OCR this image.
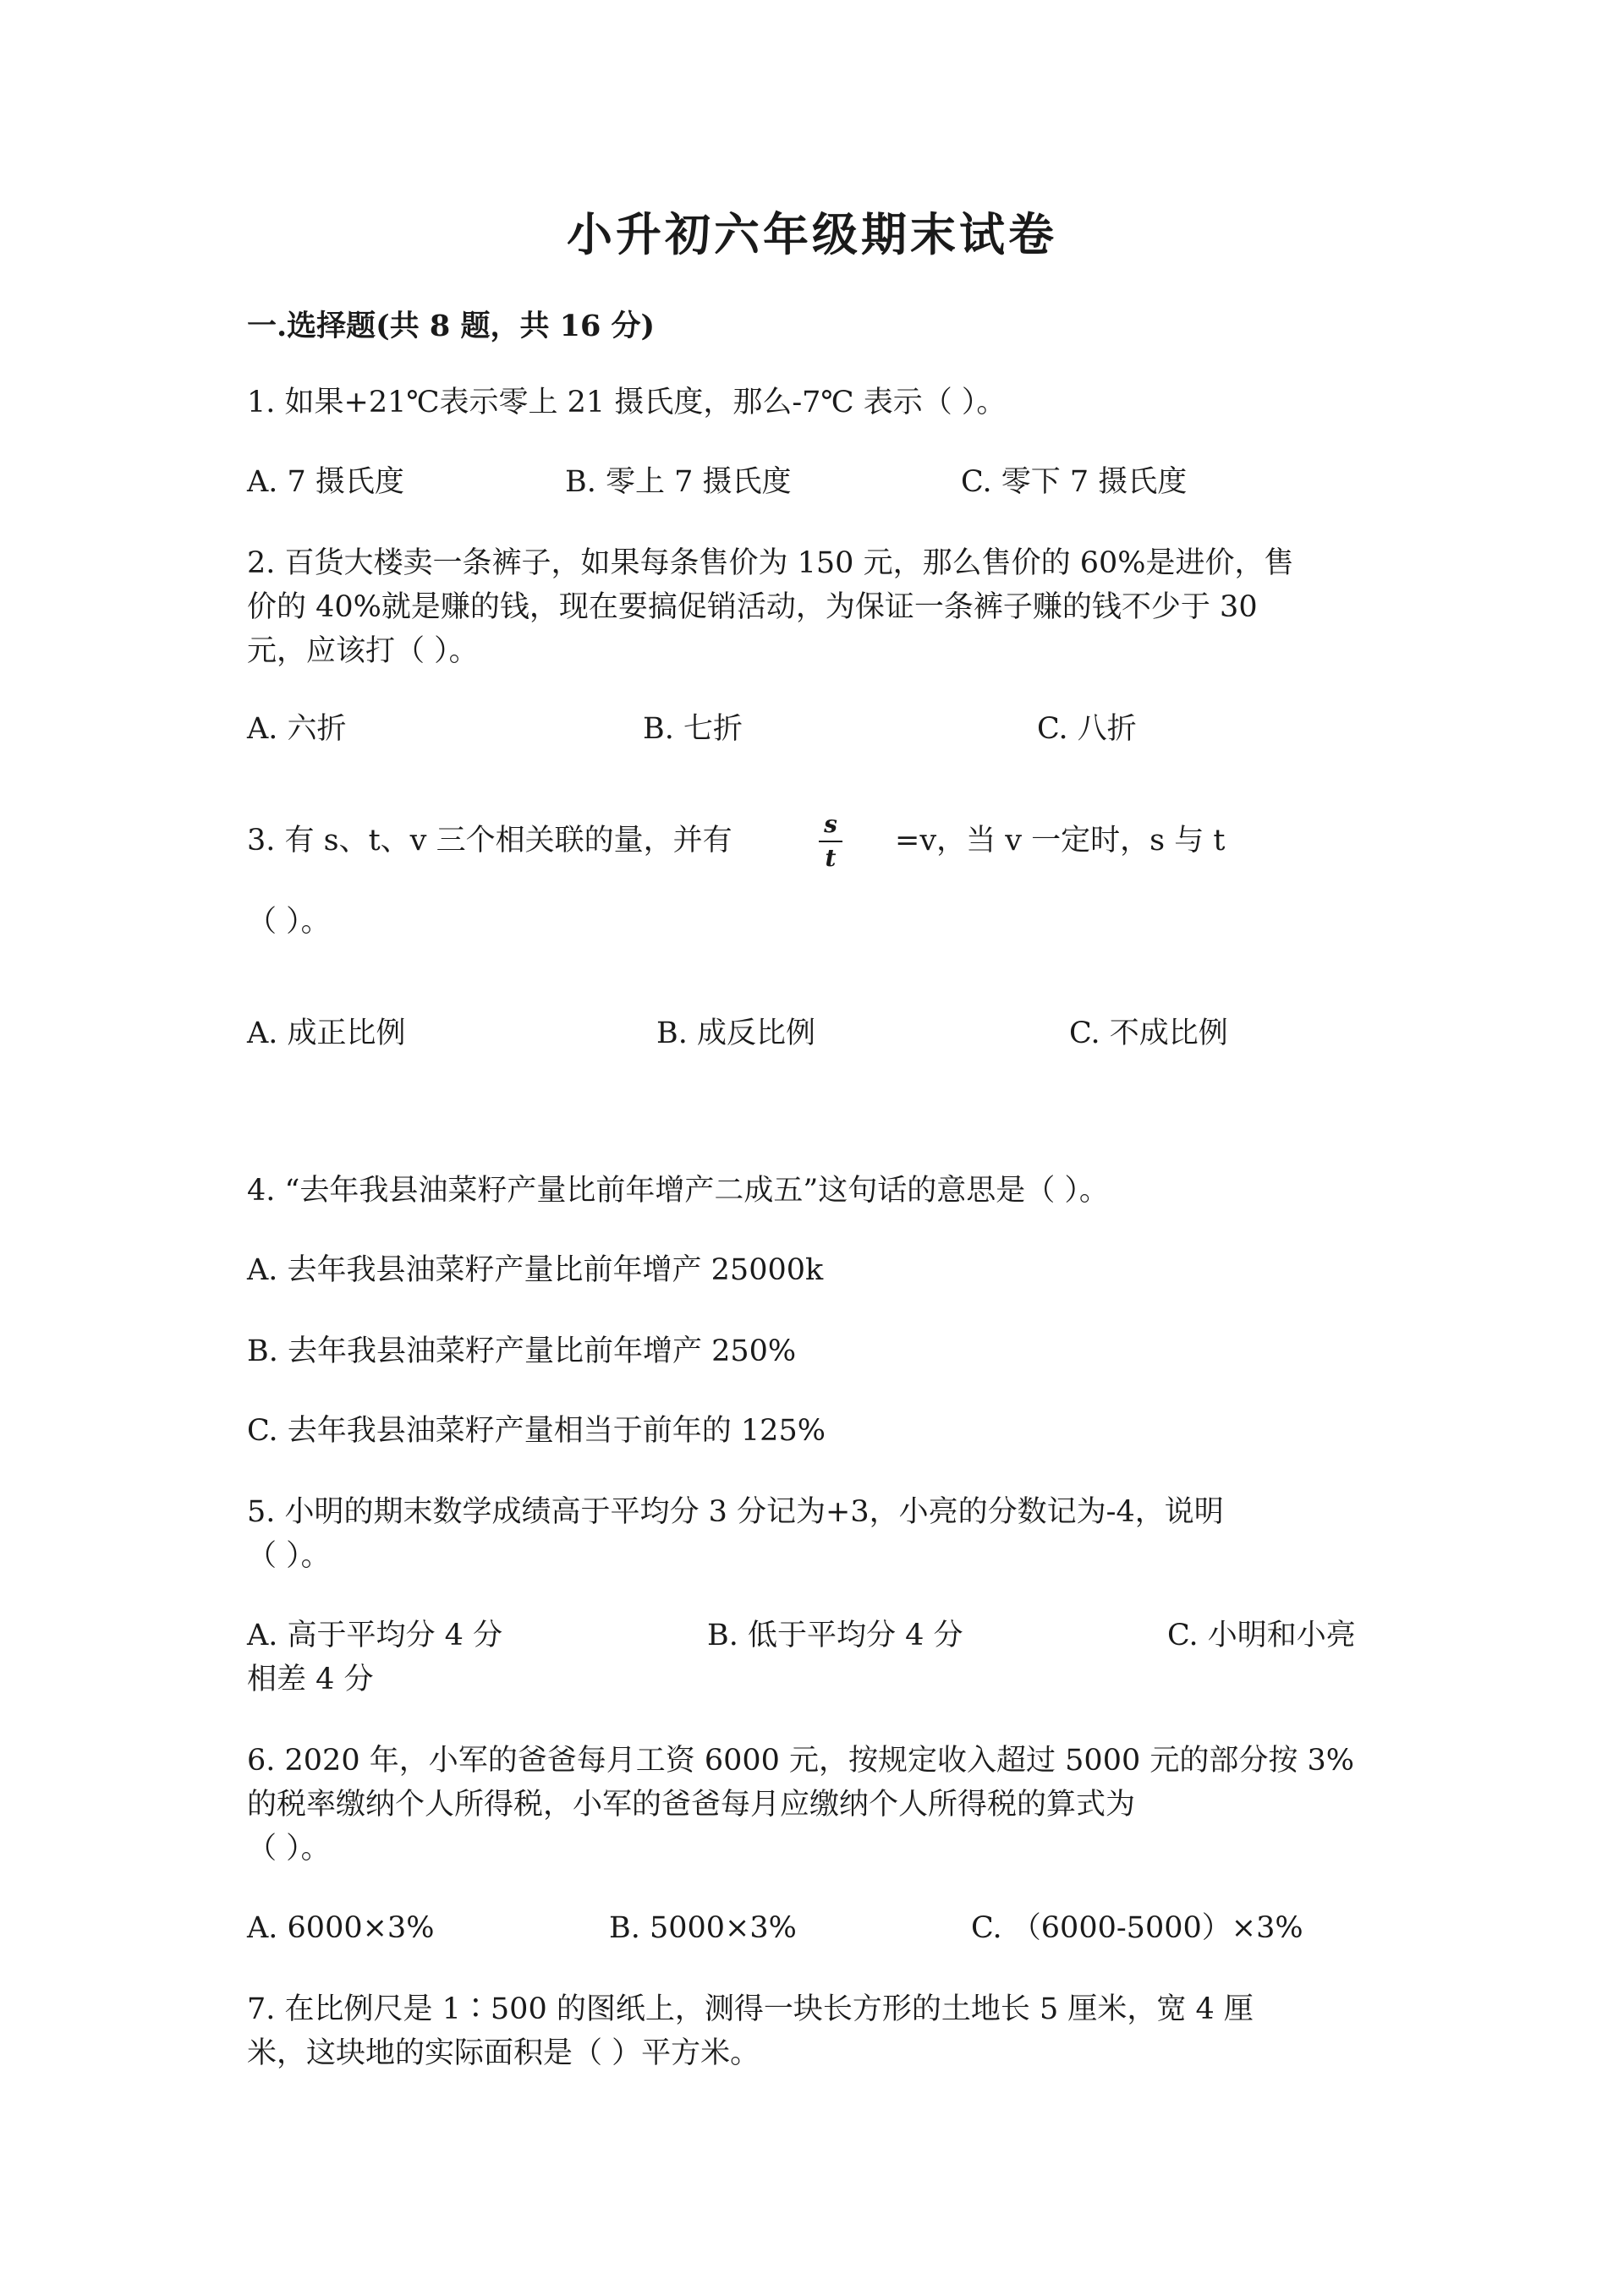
小升初六年级期末试卷
一.选择题(共 8 题，共 16 分)
1. 如果+21℃表示零上 21 摄氏度，那么-7℃ 表示（ ）。
A. 7 摄氏度	B. 零上 7 摄氏度	C. 零下 7 摄氏度
2. 百货大楼卖一条裤子，如果每条售价为 150 元，那么售价的 60%是进价，售
价的 40%就是赚的钱，现在要搞促销活动，为保证一条裤子赚的钱不少于 30
元，应该打（ ）。
A. 六折	B. 七折	C. 八折
3. 有 s、t、v 三个相关联的量，并有	s
t
=v，当 v 一定时，s 与 t
（ ）。
A. 成正比例	B. 成反比例	C. 不成比例
4. “去年我县油菜籽产量比前年增产二成五”这句话的意思是（ ）。
A. 去年我县油菜籽产量比前年增产 25000k
B. 去年我县油菜籽产量比前年增产 250%
C. 去年我县油菜籽产量相当于前年的 125%
5. 小明的期末数学成绩高于平均分 3 分记为+3，小亮的分数记为-4，说明
（ ）。
A. 高于平均分 4 分	B. 低于平均分 4 分	C. 小明和小亮
相差 4 分
6. 2020 年，小军的爸爸每月工资 6000 元，按规定收入超过 5000 元的部分按 3%
的税率缴纳个人所得税，小军的爸爸每月应缴纳个人所得税的算式为
（ ）。
A. 6000×3%	B. 5000×3%	C. （6000-5000）×3%
7. 在比例尺是 1∶500 的图纸上，测得一块长方形的土地长 5 厘米，宽 4 厘
米，这块地的实际面积是（ ）平方米。
